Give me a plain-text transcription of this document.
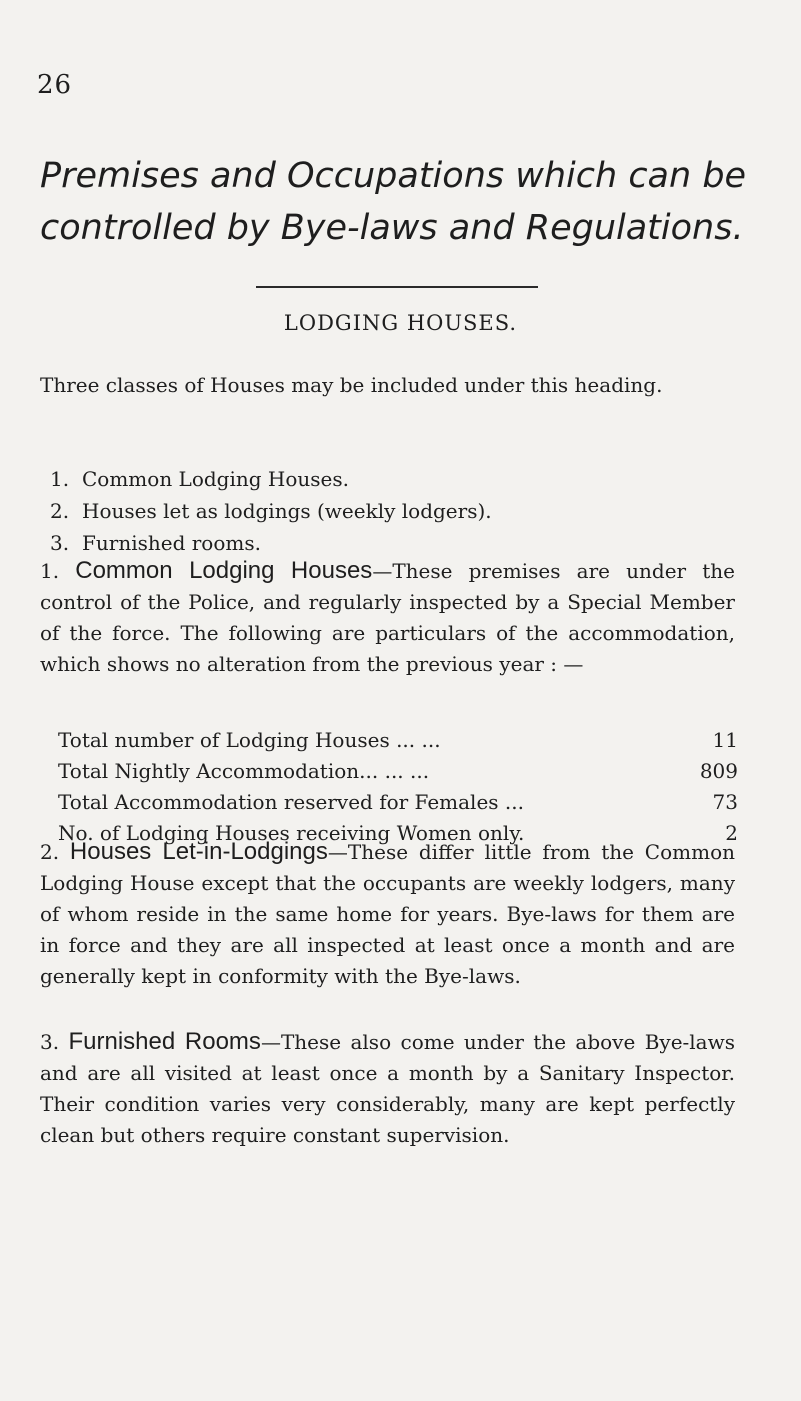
26
Premises and Occupations which can be
controlled by Bye-laws and Regulations.
LODGING HOUSES.

Three classes of Houses may be included under this heading.

1. Common Lodging Houses.
2. Houses let as lodgings (weekly lodgers).
3. Furnished rooms.

1. Common Lodging Houses—These premises are under the control of the Police, and regularly inspected by a Special Member of the force. The following are particulars of the accommodation, which shows no alteration from the previous year : —

Total number of Lodging Houses ... ...	11
Total Nightly Accommodation... ... ...	809
Total Accommodation reserved for Females ...	73
No. of Lodging Houses receiving Women only.	2

2. Houses Let-in-Lodgings—These differ little from the Common Lodging House except that the occupants are weekly lodgers, many of whom reside in the same home for years. Bye-laws for them are in force and they are all inspected at least once a month and are generally kept in conformity with the Bye-laws.

3. Furnished Rooms—These also come under the above Bye-laws and are all visited at least once a month by a Sanitary Inspector. Their condition varies very considerably, many are kept perfectly clean but others require constant supervision.
